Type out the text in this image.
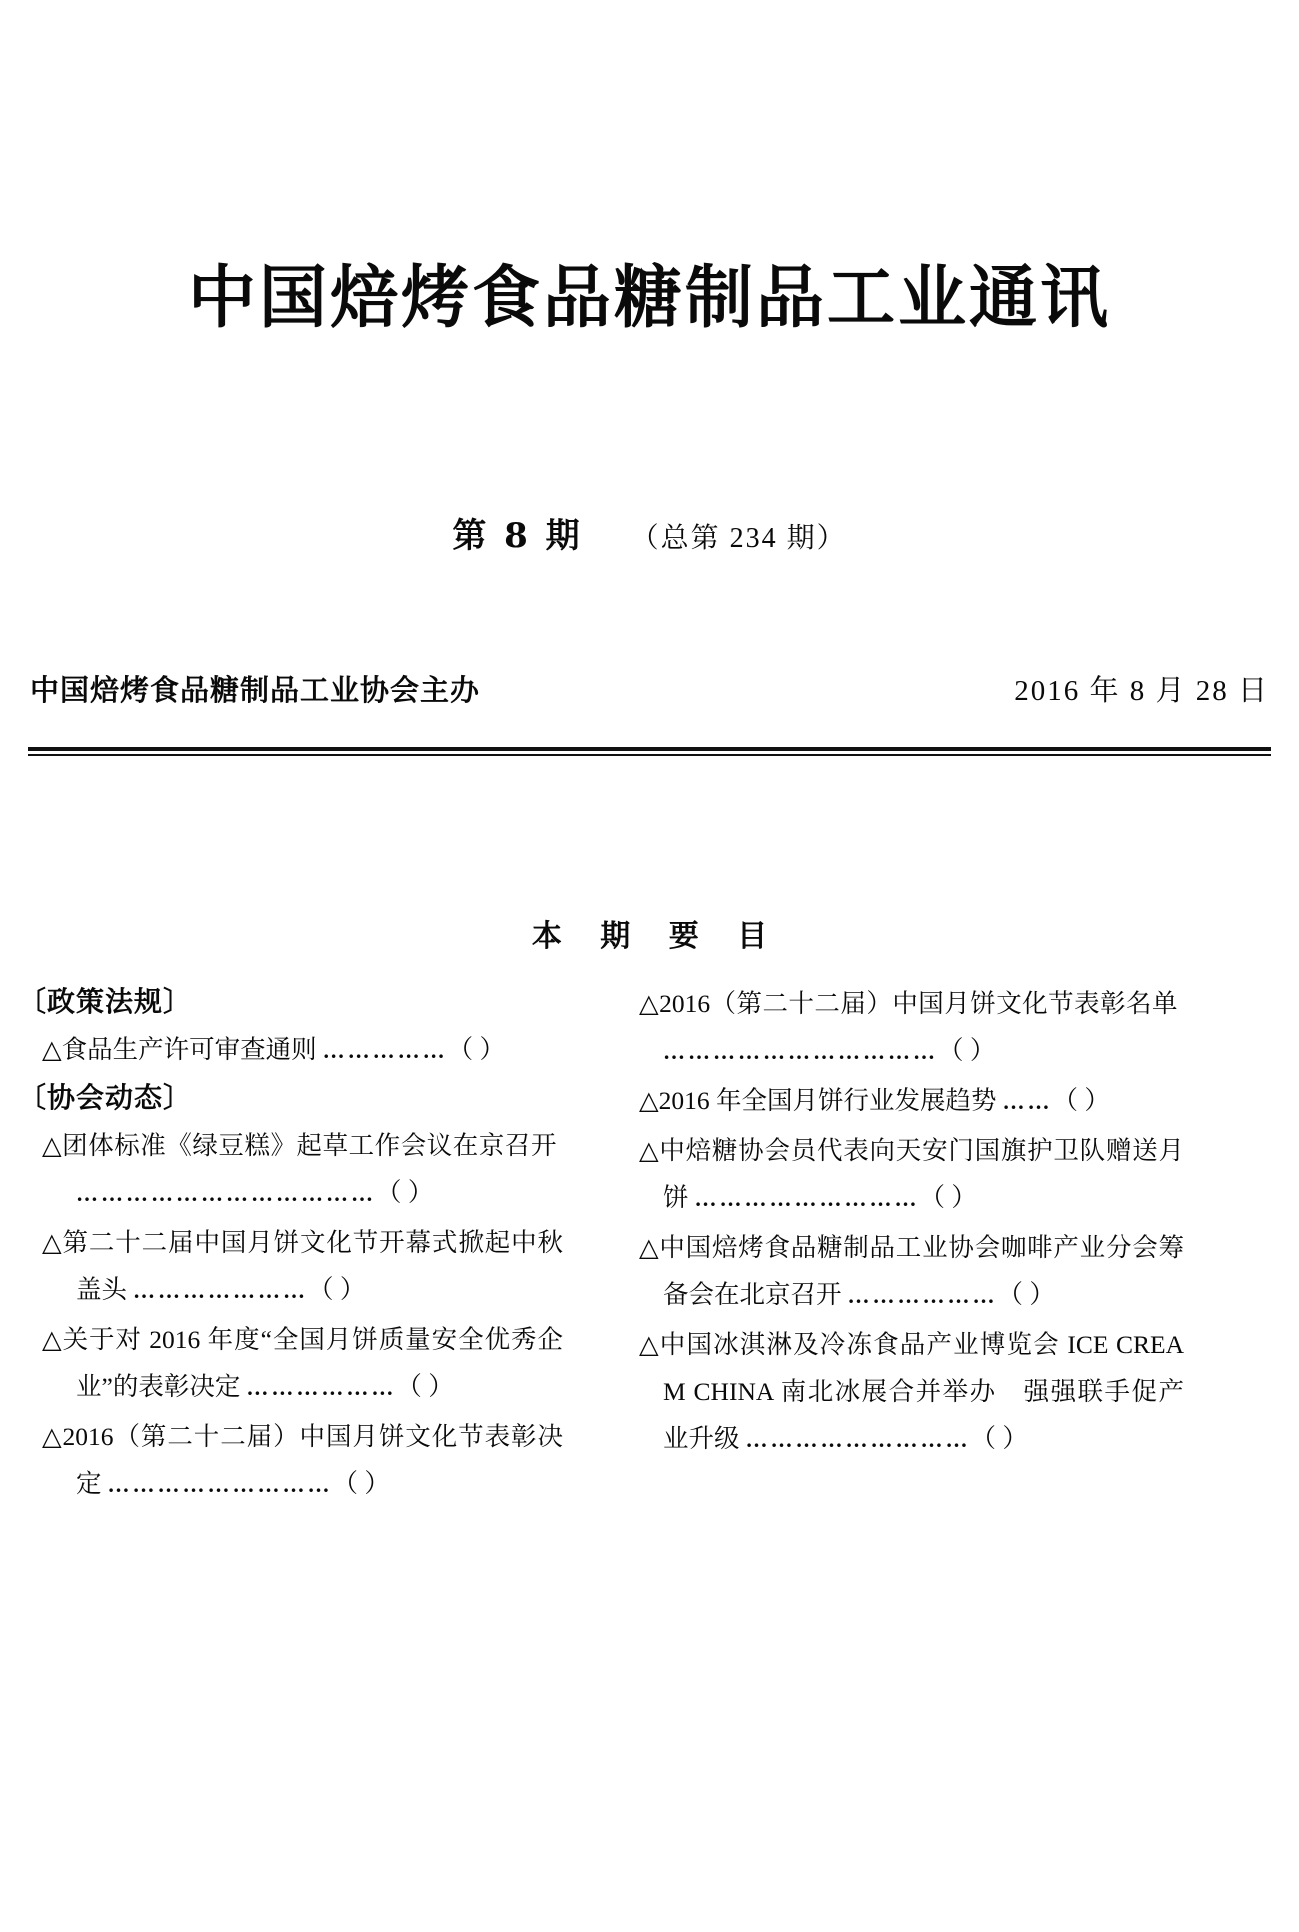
中国焙烤食品糖制品工业通讯
第 8 期 （总第 234 期）
中国焙烤食品糖制品工业协会主办	2016 年 8 月 28 日
本 期 要 目
〔政策法规〕
△食品生产许可审查通则 ……………（ ）
〔协会动态〕
△团体标准《绿豆糕》起草工作会议在京召开………………………………（ ）
△第二十二届中国月饼文化节开幕式掀起中秋盖头 …………………（ ）
△关于对 2016 年度“全国月饼质量安全优秀企业”的表彰决定 ………………（ ）
△2016（第二十二届）中国月饼文化节表彰决定 ………………………（ ）
△2016（第二十二届）中国月饼文化节表彰名单……………………………（ ）
△2016 年全国月饼行业发展趋势 ……（ ）
△中焙糖协会员代表向天安门国旗护卫队赠送月饼 ………………………（ ）
△中国焙烤食品糖制品工业协会咖啡产业分会筹备会在北京召开 ………………（ ）
△中国冰淇淋及冷冻食品产业博览会 ICE CREAM CHINA 南北冰展合并举办　强强联手促产业升级 ………………………（ ）
